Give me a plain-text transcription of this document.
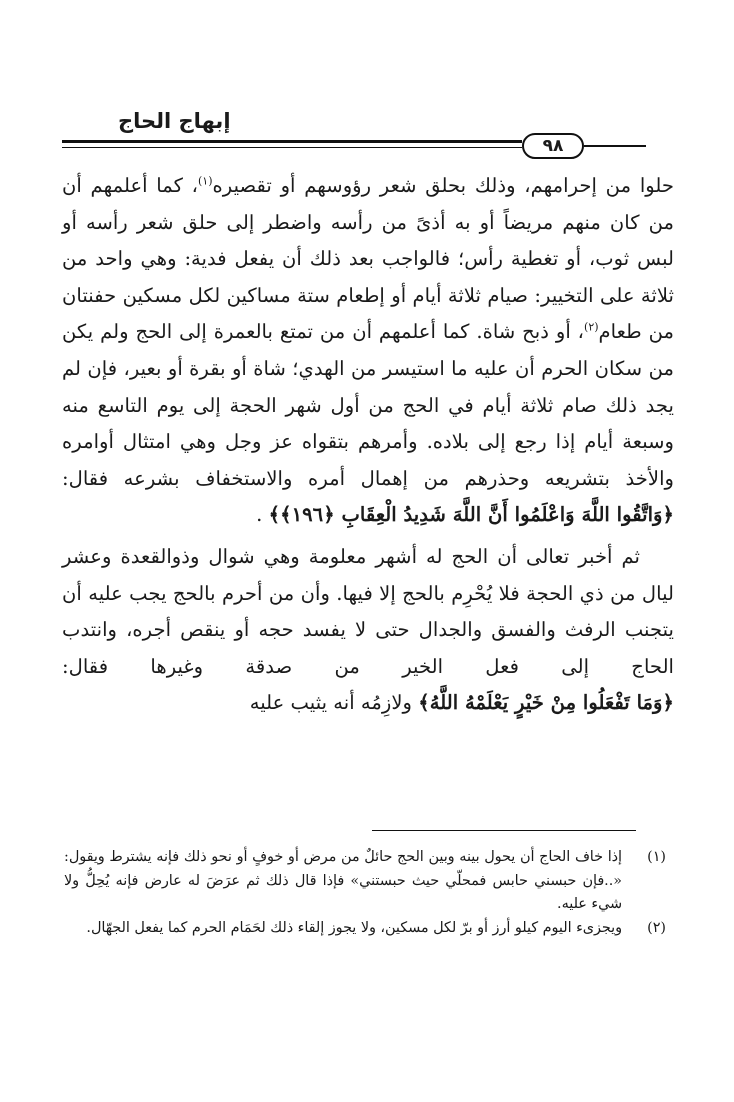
إبهاج الحاج
٩٨

حلوا من إحرامهم، وذلك بحلق شعر رؤوسهم أو تقصيره$^{(١)}$، كما أعلمهم أن من كان منهم مريضاً أو به أذىً من رأسه واضطر إلى حلق شعر رأسه أو لبس ثوب، أو تغطية رأس؛ فالواجب بعد ذلك أن يفعل فدية: وهي واحد من ثلاثة على التخيير: صيام ثلاثة أيام أو إطعام ستة مساكين لكل مسكين حفنتان من طعام$^{(٢)}$، أو ذبح شاة. كما أعلمهم أن من تمتع بالعمرة إلى الحج ولم يكن من سكان الحرم أن عليه ما استيسر من الهدي؛ شاة أو بقرة أو بعير، فإن لم يجد ذلك صام ثلاثة أيام في الحج من أول شهر الحجة إلى يوم التاسع منه وسبعة أيام إذا رجع إلى بلاده. وأمرهم بتقواه عز وجل وهي امتثال أوامره والأخذ بتشريعه وحذرهم من إهمال أمره والاستخفاف بشرعه فقال: ﴿وَاتَّقُوا اللَّهَ وَاعْلَمُوا أَنَّ اللَّهَ شَدِيدُ الْعِقَابِ ﴿١٩٦﴾﴾ .

ثم أخبر تعالى أن الحج له أشهر معلومة وهي شوال وذوالقعدة وعشر ليال من ذي الحجة فلا يُحْرِم بالحج إلا فيها. وأن من أحرم بالحج يجب عليه أن يتجنب الرفث والفسق والجدال حتى لا يفسد حجه أو ينقص أجره، وانتدب الحاج إلى فعل الخير من صدقة وغيرها فقال: ﴿وَمَا تَفْعَلُوا مِنْ خَيْرٍ يَعْلَمْهُ اللَّهُ﴾ ولازِمُه أنه يثيب عليه

(١)
إذا خاف الحاج أن يحول بينه وبين الحج حائلٌ من مرض أو خوفٍ أو نحو ذلك فإنه يشترط ويقول: «..فإن حبسني حابس فمحلّي حيث حبستني» فإذا قال ذلك ثم عرَضَ له عارض فإنه يُحِلُّ ولا شيء عليه.
(٢)
ويجزىء اليوم كيلو أرز أو برّ لكل مسكين، ولا يجوز إلقاء ذلك لحَمَام الحرم كما يفعل الجهّال.
